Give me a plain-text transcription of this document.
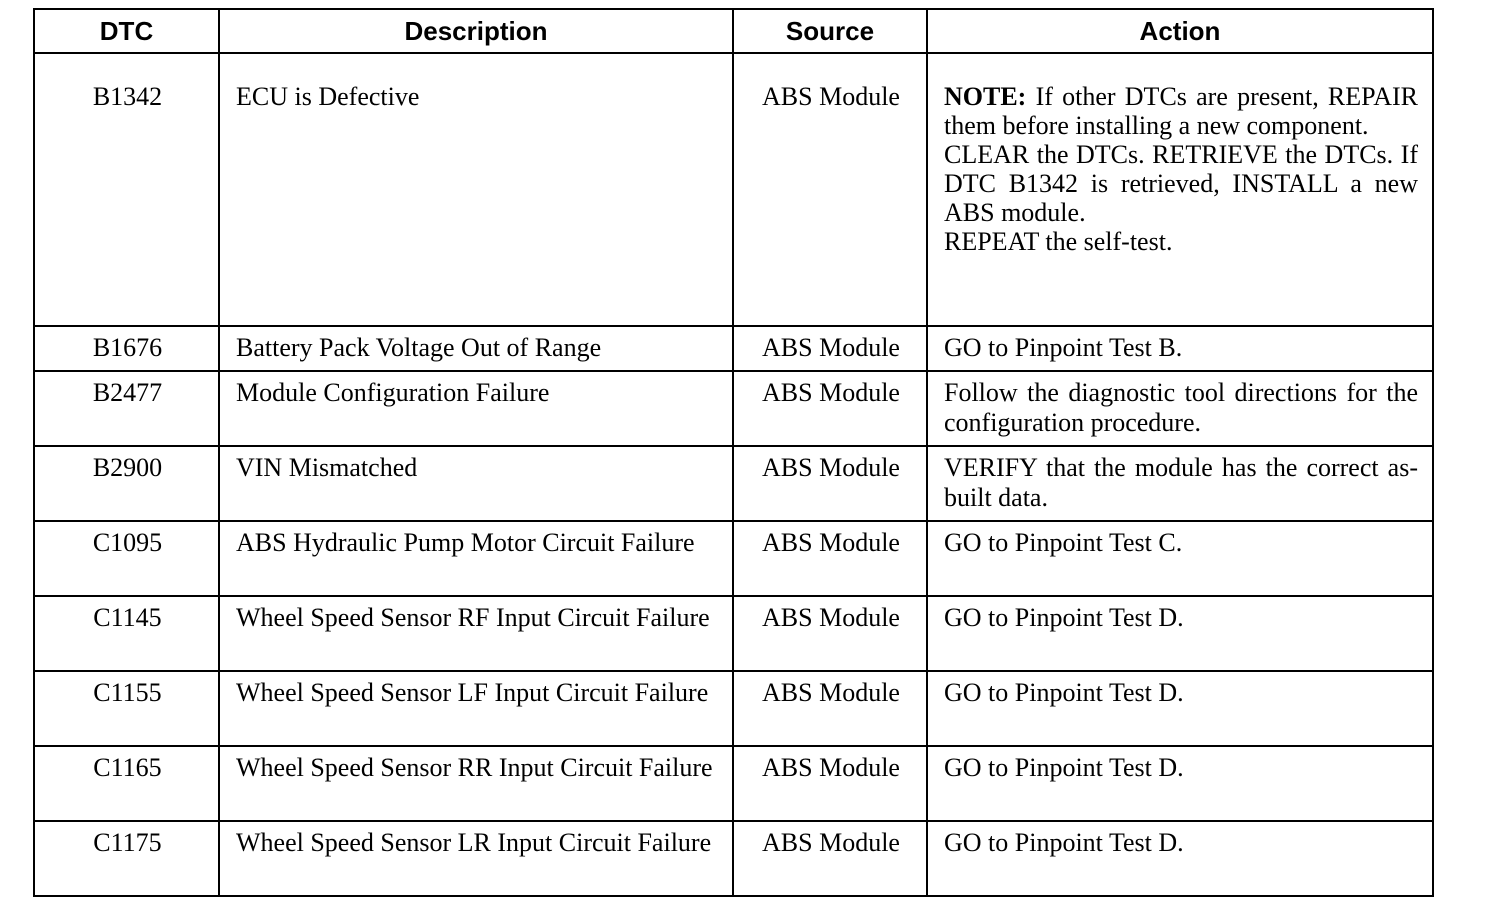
DTC	Description	Source	Action
B1342	ECU is Defective	ABS Module	NOTE: If other DTCs are present, REPAIR them before installing a new component.
CLEAR the DTCs. RETRIEVE the DTCs. If DTC B1342 is retrieved, INSTALL a new ABS module.
REPEAT the self-test.

B1676	Battery Pack Voltage Out of Range	ABS Module	GO to Pinpoint Test B.
B2477	Module Configuration Failure	ABS Module	Follow the diagnostic tool directions for the configuration procedure.
B2900	VIN Mismatched	ABS Module	VERIFY that the module has the correct as-built data.
C1095	ABS Hydraulic Pump Motor Circuit Failure	ABS Module	GO to Pinpoint Test C.
C1145	Wheel Speed Sensor RF Input Circuit Failure	ABS Module	GO to Pinpoint Test D.
C1155	Wheel Speed Sensor LF Input Circuit Failure	ABS Module	GO to Pinpoint Test D.
C1165	Wheel Speed Sensor RR Input Circuit Failure	ABS Module	GO to Pinpoint Test D.
C1175	Wheel Speed Sensor LR Input Circuit Failure	ABS Module	GO to Pinpoint Test D.
